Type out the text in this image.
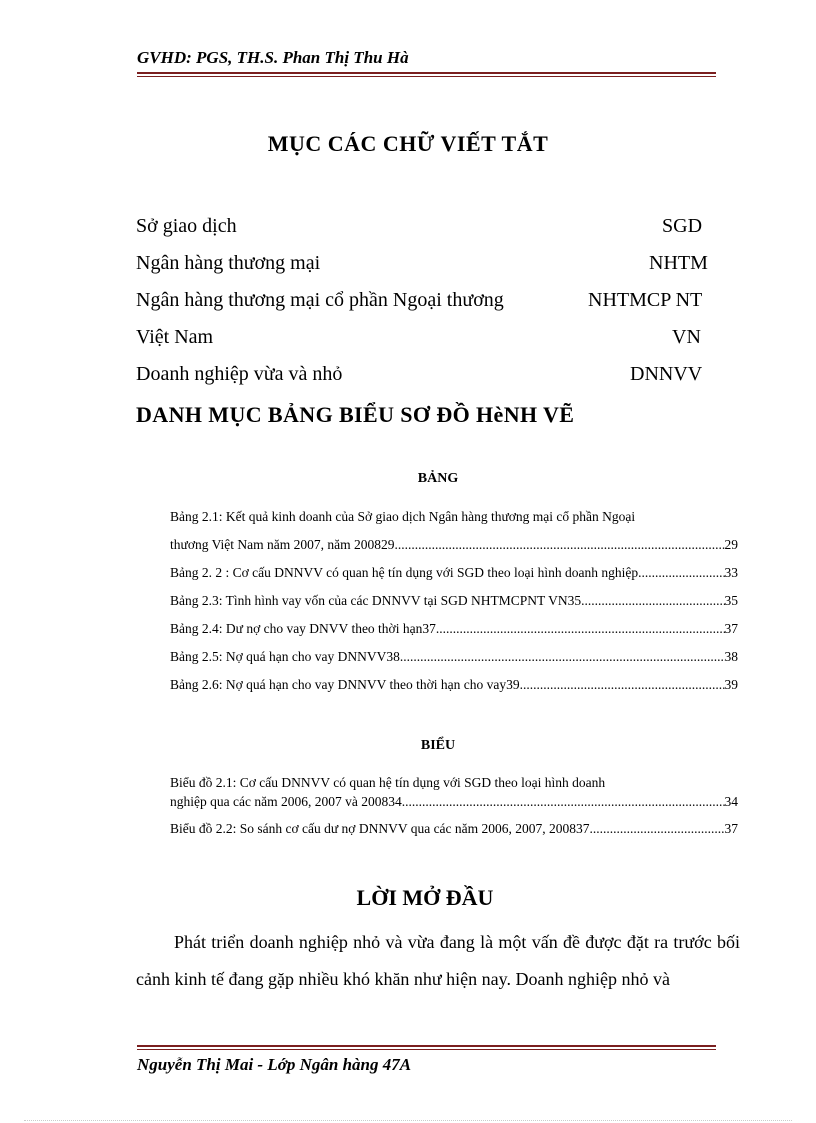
GVHD: PGS, TH.S. Phan Thị Thu Hà
MỤC CÁC CHỮ VIẾT TẮT
Sở giao dịch	SGD
Ngân hàng thương mại	NHTM
Ngân hàng thương mại cổ phần Ngoại thương	NHTMCP NT
Việt Nam	VN
Doanh nghiệp vừa và nhỏ	DNNVV
DANH MỤC BẢNG BIỂU SƠ ĐỒ HèNH VẼ
BẢNG
Bảng 2.1: Kết quả kinh doanh của Sở giao dịch Ngân hàng thương mại cổ phần Ngoại
thương Việt Nam năm 2007, năm 200829 .....	29
Bảng 2. 2 : Cơ cấu DNNVV có quan hệ tín dụng với SGD theo loại hình doanh nghiệp .....	33
Bảng 2.3: Tình hình vay vốn của các DNNVV tại SGD NHTMCPNT VN35 .....	35
Bảng 2.4: Dư nợ cho vay DNVV theo thời hạn37 .....	37
Bảng 2.5: Nợ quá hạn cho vay DNNVV38 .....	38
Bảng 2.6: Nợ quá hạn cho vay DNNVV theo thời hạn cho vay39 .....	39
BIỂU
Biểu đồ 2.1: Cơ cấu DNNVV có quan hệ tín dụng với SGD theo loại hình doanh
nghiệp qua các năm 2006, 2007 và 200834 .....	34
Biểu đồ 2.2: So sánh cơ cấu dư nợ DNNVV qua các năm 2006, 2007, 200837 .....	37
LỜI MỞ ĐẦU
Phát triển doanh nghiệp nhỏ và vừa đang là một vấn đề được đặt ra trước bối cảnh kinh tế đang gặp nhiều khó khăn như hiện nay. Doanh nghiệp nhỏ và
Nguyễn Thị Mai - Lớp Ngân hàng 47A
